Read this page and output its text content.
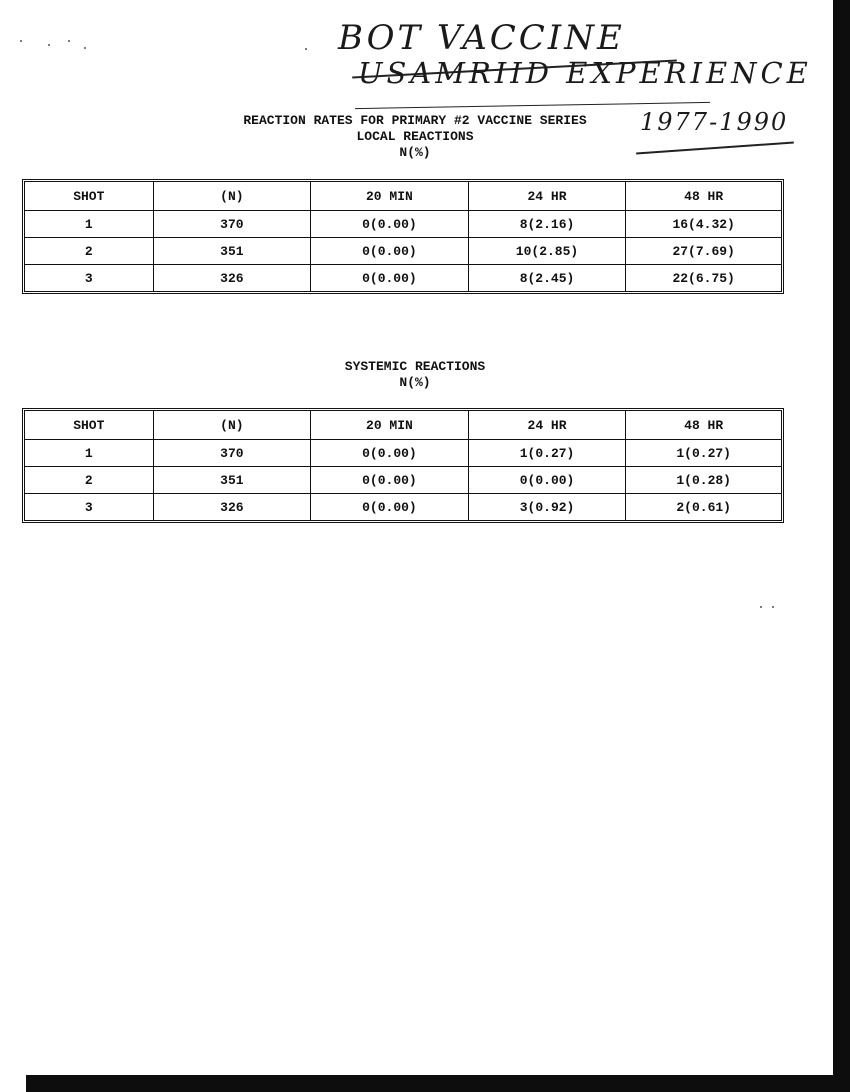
BOT VACCINE
USAMRIID EXPERIENCE
1977-1990
REACTION RATES FOR PRIMARY #2 VACCINE SERIES
LOCAL REACTIONS
N(%)
SHOT	(N)	20 MIN	24 HR	48 HR
1	370	0(0.00)	8(2.16)	16(4.32)
2	351	0(0.00)	10(2.85)	27(7.69)
3	326	0(0.00)	8(2.45)	22(6.75)
SYSTEMIC REACTIONS
N(%)
SHOT	(N)	20 MIN	24 HR	48 HR
1	370	0(0.00)	1(0.27)	1(0.27)
2	351	0(0.00)	0(0.00)	1(0.28)
3	326	0(0.00)	3(0.92)	2(0.61)
